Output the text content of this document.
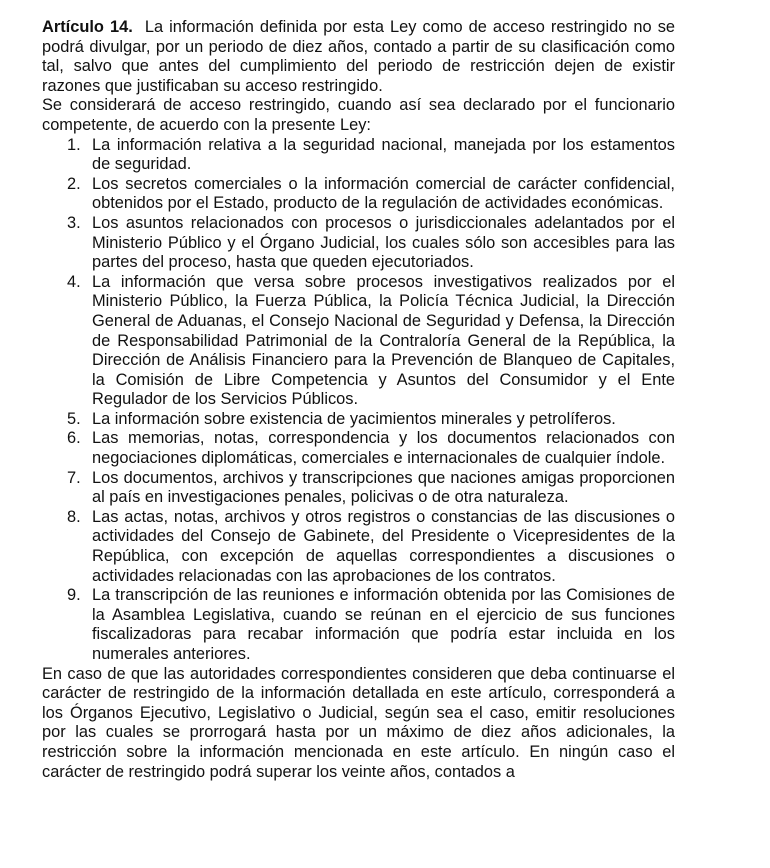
Artículo 14. La información definida por esta Ley como de acceso restringido no se podrá divulgar, por un periodo de diez años, contado a partir de su clasificación como tal, salvo que antes del cumplimiento del periodo de restricción dejen de existir razones que justificaban su acceso restringido.

Se considerará de acceso restringido, cuando así sea declarado por el funcionario competente, de acuerdo con la presente Ley:

1. La información relativa a la seguridad nacional, manejada por los estamentos de seguridad.
2. Los secretos comerciales o la información comercial de carácter confidencial, obtenidos por el Estado, producto de la regulación de actividades económicas.
3. Los asuntos relacionados con procesos o jurisdiccionales adelantados por el Ministerio Público y el Órgano Judicial, los cuales sólo son accesibles para las partes del proceso, hasta que queden ejecutoriados.
4. La información que versa sobre procesos investigativos realizados por el Ministerio Público, la Fuerza Pública, la Policía Técnica Judicial, la Dirección General de Aduanas, el Consejo Nacional de Seguridad y Defensa, la Dirección de Responsabilidad Patrimonial de la Contraloría General de la República, la Dirección de Análisis Financiero para la Prevención de Blanqueo de Capitales, la Comisión de Libre Competencia y Asuntos del Consumidor y el Ente Regulador de los Servicios Públicos.
5. La información sobre existencia de yacimientos minerales y petrolíferos.
6. Las memorias, notas, correspondencia y los documentos relacionados con negociaciones diplomáticas, comerciales e internacionales de cualquier índole.
7. Los documentos, archivos y transcripciones que naciones amigas proporcionen al país en investigaciones penales, policivas o de otra naturaleza.
8. Las actas, notas, archivos y otros registros o constancias de las discusiones o actividades del Consejo de Gabinete, del Presidente o Vicepresidentes de la República, con excepción de aquellas correspondientes a discusiones o actividades relacionadas con las aprobaciones de los contratos.
9. La transcripción de las reuniones e información obtenida por las Comisiones de la Asamblea Legislativa, cuando se reúnan en el ejercicio de sus funciones fiscalizadoras para recabar información que podría estar incluida en los numerales anteriores.

En caso de que las autoridades correspondientes consideren que deba continuarse el carácter de restringido de la información detallada en este artículo, corresponderá a los Órganos Ejecutivo, Legislativo o Judicial, según sea el caso, emitir resoluciones por las cuales se prorrogará hasta por un máximo de diez años adicionales, la restricción sobre la información mencionada en este artículo. En ningún caso el carácter de restringido podrá superar los veinte años, contados a
